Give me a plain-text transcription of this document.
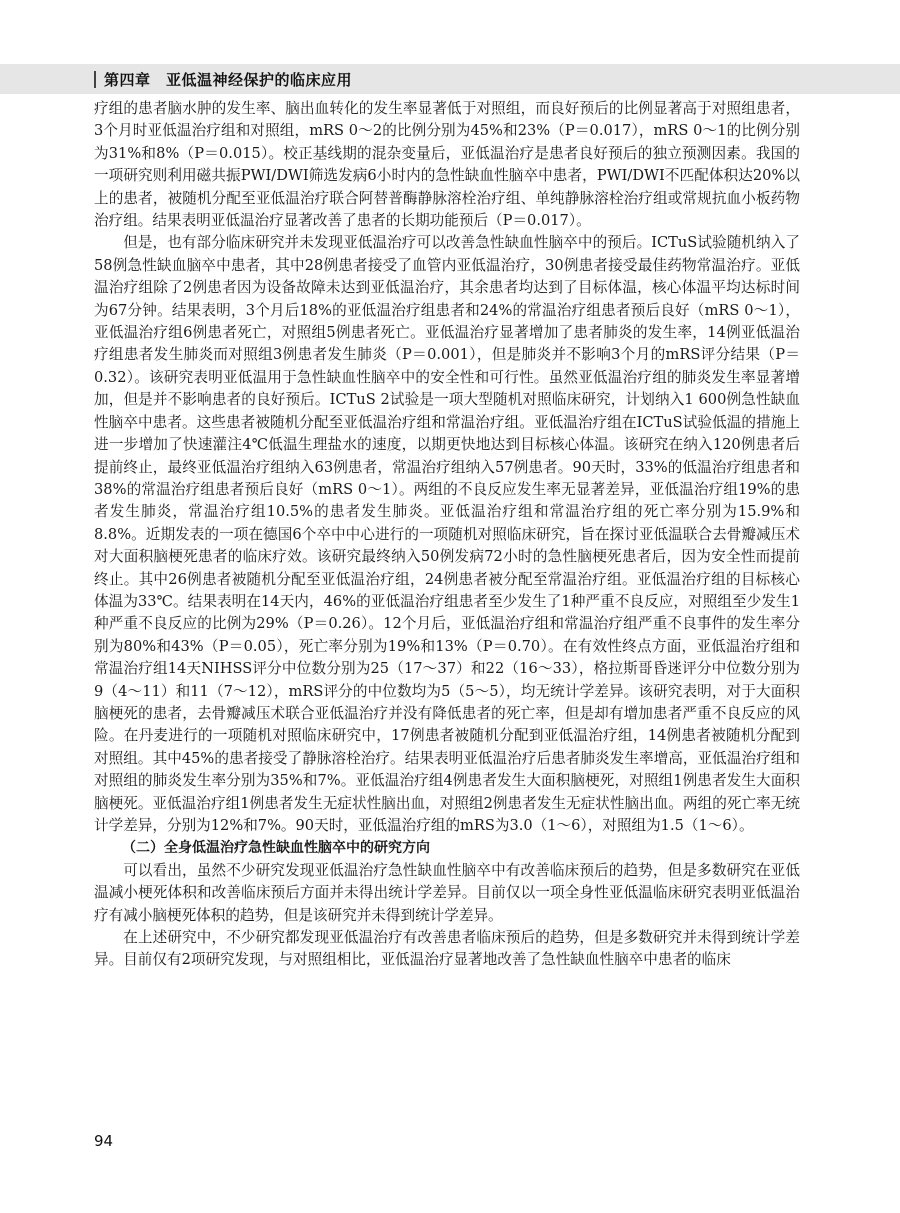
第四章　亚低温神经保护的临床应用

疗组的患者脑水肿的发生率、脑出血转化的发生率显著低于对照组，而良好预后的比例显著高于对照组患者，3个月时亚低温治疗组和对照组，mRS 0～2的比例分别为45%和23%（P＝0.017），mRS 0～1的比例分别为31%和8%（P＝0.015）。校正基线期的混杂变量后，亚低温治疗是患者良好预后的独立预测因素。我国的一项研究则利用磁共振PWI/DWI筛选发病6小时内的急性缺血性脑卒中患者，PWI/DWI不匹配体积达20%以上的患者，被随机分配至亚低温治疗联合阿替普酶静脉溶栓治疗组、单纯静脉溶栓治疗组或常规抗血小板药物治疗组。结果表明亚低温治疗显著改善了患者的长期功能预后（P＝0.017）。

但是，也有部分临床研究并未发现亚低温治疗可以改善急性缺血性脑卒中的预后。ICTuS试验随机纳入了58例急性缺血脑卒中患者，其中28例患者接受了血管内亚低温治疗，30例患者接受最佳药物常温治疗。亚低温治疗组除了2例患者因为设备故障未达到亚低温治疗，其余患者均达到了目标体温，核心体温平均达标时间为67分钟。结果表明，3个月后18%的亚低温治疗组患者和24%的常温治疗组患者预后良好（mRS 0～1），亚低温治疗组6例患者死亡，对照组5例患者死亡。亚低温治疗显著增加了患者肺炎的发生率，14例亚低温治疗组患者发生肺炎而对照组3例患者发生肺炎（P＝0.001），但是肺炎并不影响3个月的mRS评分结果（P＝0.32）。该研究表明亚低温用于急性缺血性脑卒中的安全性和可行性。虽然亚低温治疗组的肺炎发生率显著增加，但是并不影响患者的良好预后。ICTuS 2试验是一项大型随机对照临床研究，计划纳入1 600例急性缺血性脑卒中患者。这些患者被随机分配至亚低温治疗组和常温治疗组。亚低温治疗组在ICTuS试验低温的措施上进一步增加了快速灌注4℃低温生理盐水的速度，以期更快地达到目标核心体温。该研究在纳入120例患者后提前终止，最终亚低温治疗组纳入63例患者，常温治疗组纳入57例患者。90天时，33%的低温治疗组患者和38%的常温治疗组患者预后良好（mRS 0～1）。两组的不良反应发生率无显著差异，亚低温治疗组19%的患者发生肺炎，常温治疗组10.5%的患者发生肺炎。亚低温治疗组和常温治疗组的死亡率分别为15.9%和8.8%。近期发表的一项在德国6个卒中中心进行的一项随机对照临床研究，旨在探讨亚低温联合去骨瓣减压术对大面积脑梗死患者的临床疗效。该研究最终纳入50例发病72小时的急性脑梗死患者后，因为安全性而提前终止。其中26例患者被随机分配至亚低温治疗组，24例患者被分配至常温治疗组。亚低温治疗组的目标核心体温为33℃。结果表明在14天内，46%的亚低温治疗组患者至少发生了1种严重不良反应，对照组至少发生1种严重不良反应的比例为29%（P＝0.26）。12个月后，亚低温治疗组和常温治疗组严重不良事件的发生率分别为80%和43%（P＝0.05），死亡率分别为19%和13%（P＝0.70）。在有效性终点方面，亚低温治疗组和常温治疗组14天NIHSS评分中位数分别为25（17～37）和22（16～33），格拉斯哥昏迷评分中位数分别为9（4～11）和11（7～12），mRS评分的中位数均为5（5～5），均无统计学差异。该研究表明，对于大面积脑梗死的患者，去骨瓣减压术联合亚低温治疗并没有降低患者的死亡率，但是却有增加患者严重不良反应的风险。在丹麦进行的一项随机对照临床研究中，17例患者被随机分配到亚低温治疗组，14例患者被随机分配到对照组。其中45%的患者接受了静脉溶栓治疗。结果表明亚低温治疗后患者肺炎发生率增高，亚低温治疗组和对照组的肺炎发生率分别为35%和7%。亚低温治疗组4例患者发生大面积脑梗死，对照组1例患者发生大面积脑梗死。亚低温治疗组1例患者发生无症状性脑出血，对照组2例患者发生无症状性脑出血。两组的死亡率无统计学差异，分别为12%和7%。90天时，亚低温治疗组的mRS为3.0（1～6），对照组为1.5（1～6）。

（二）全身低温治疗急性缺血性脑卒中的研究方向

可以看出，虽然不少研究发现亚低温治疗急性缺血性脑卒中有改善临床预后的趋势，但是多数研究在亚低温减小梗死体积和改善临床预后方面并未得出统计学差异。目前仅以一项全身性亚低温临床研究表明亚低温治疗有减小脑梗死体积的趋势，但是该研究并未得到统计学差异。

在上述研究中，不少研究都发现亚低温治疗有改善患者临床预后的趋势，但是多数研究并未得到统计学差异。目前仅有2项研究发现，与对照组相比，亚低温治疗显著地改善了急性缺血性脑卒中患者的临床

94
